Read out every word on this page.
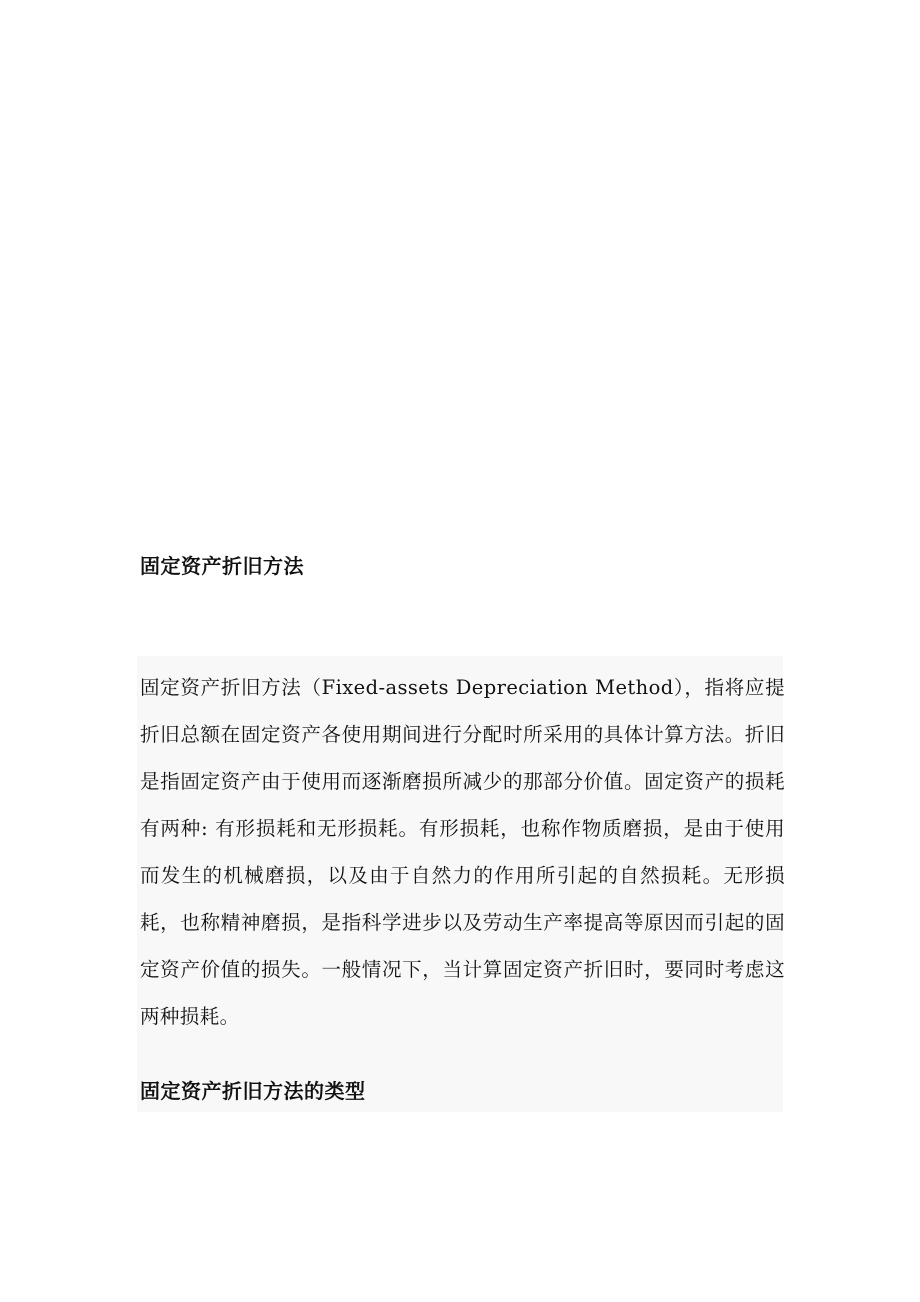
固定资产折旧方法

固定资产折旧方法（Fixed-assets Depreciation Method），指将应提折旧总额在固定资产各使用期间进行分配时所采用的具体计算方法。折旧是指固定资产由于使用而逐渐磨损所减少的那部分价值。固定资产的损耗有两种: 有形损耗和无形损耗。有形损耗，也称作物质磨损，是由于使用而发生的机械磨损，以及由于自然力的作用所引起的自然损耗。无形损耗，也称精神磨损，是指科学进步以及劳动生产率提高等原因而引起的固定资产价值的损失。一般情况下，当计算固定资产折旧时，要同时考虑这两种损耗。

固定资产折旧方法的类型
